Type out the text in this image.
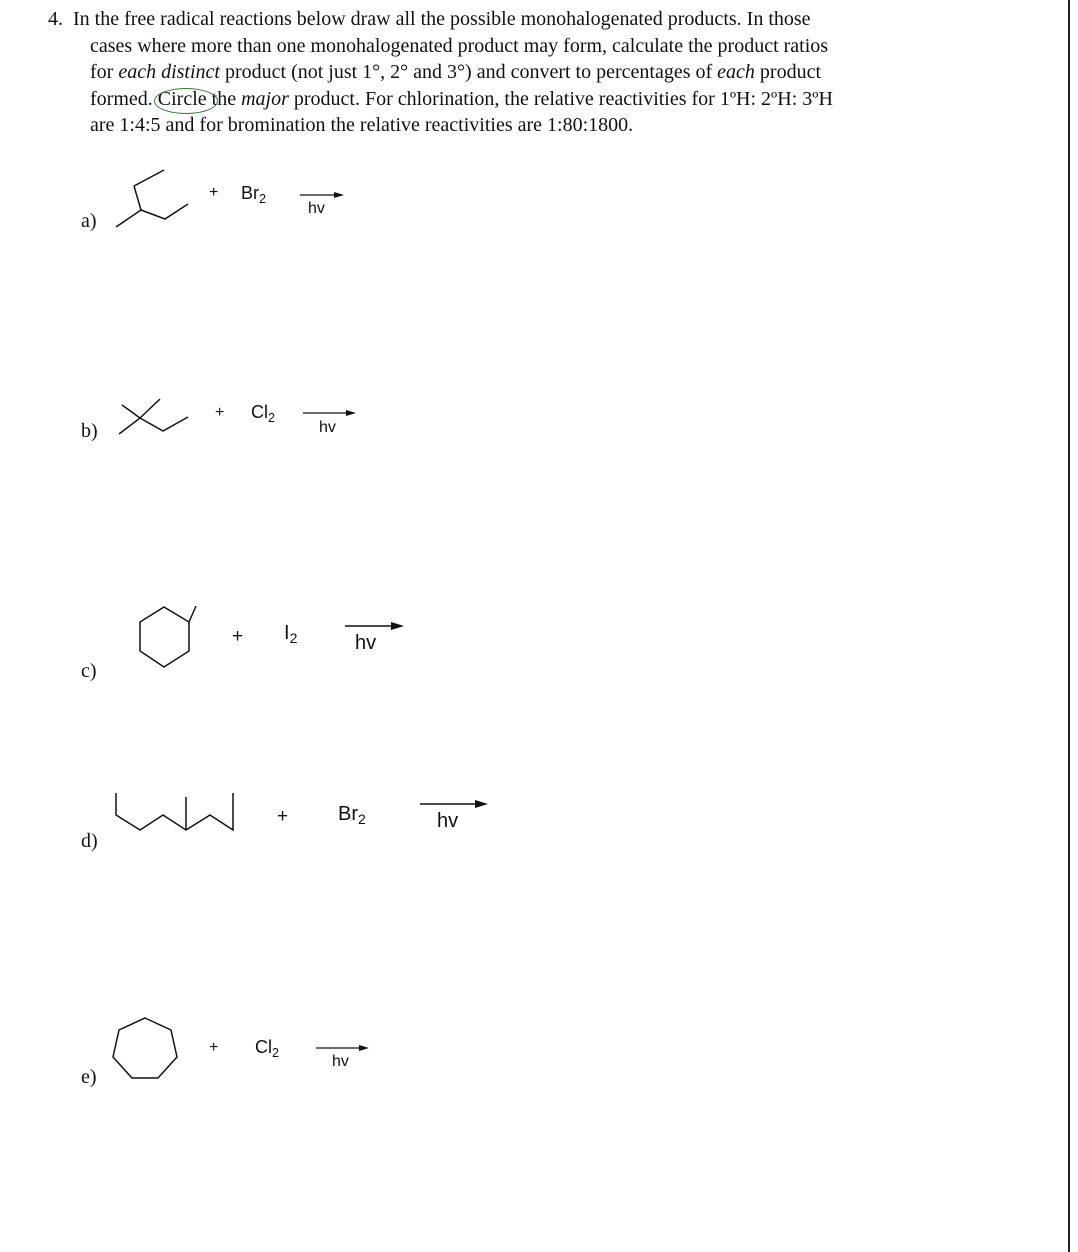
4. In the free radical reactions below draw all the possible monohalogenated products. In those
cases where more than one monohalogenated product may form, calculate the product ratios
for each distinct product (not just 1°, 2° and 3°) and convert to percentages of each product
formed.
Circle the major product. For chlorination, the relative reactivities for 1ºH: 2ºH: 3ºH
are 1:4:5 and for bromination the relative reactivities are 1:80:1800.
a)
+ $Br_2$
hv
b)
+ $Cl_2$
hv
c)
+ $I_2$	hv
d)
+ $Br_2$	hv
e)
+ $Cl_2$
hv
